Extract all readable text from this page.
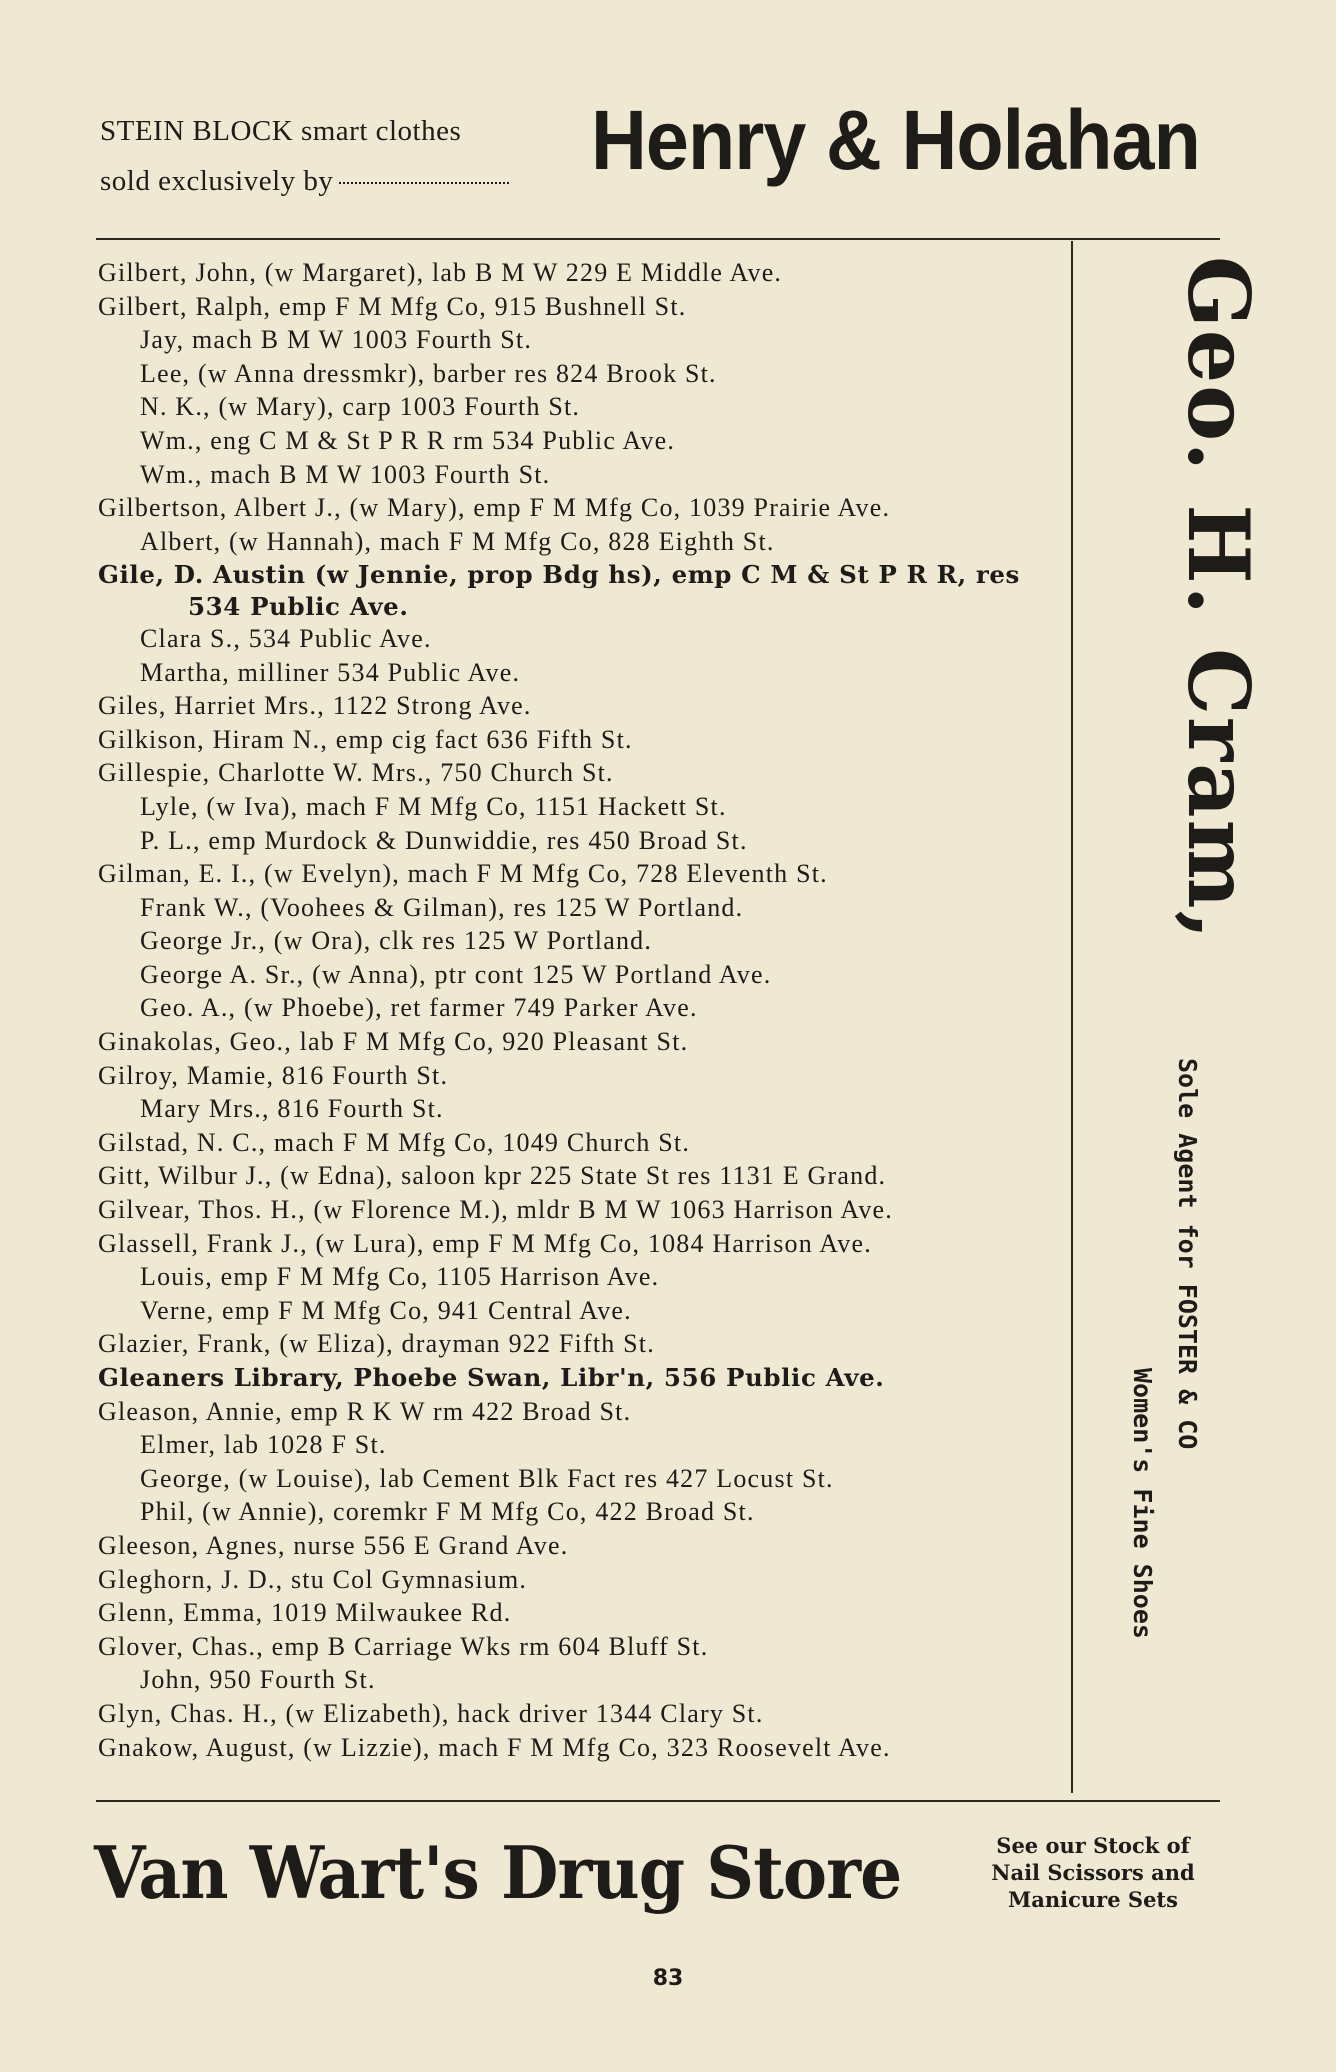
STEIN BLOCK smart clothes
sold exclusively by	Henry & Holahan
Gilbert, John, (w Margaret), lab B M W 229 E Middle Ave.
Gilbert, Ralph, emp F M Mfg Co, 915 Bushnell St.
Jay, mach B M W 1003 Fourth St.
Lee, (w Anna dressmkr), barber res 824 Brook St.
N. K., (w Mary), carp 1003 Fourth St.
Wm., eng C M & St P R R rm 534 Public Ave.
Wm., mach B M W 1003 Fourth St.
Gilbertson, Albert J., (w Mary), emp F M Mfg Co, 1039 Prairie Ave.
Albert, (w Hannah), mach F M Mfg Co, 828 Eighth St.
Gile, D. Austin (w Jennie, prop Bdg hs), emp C M & St P R R, res
534 Public Ave.
Clara S., 534 Public Ave.
Martha, milliner 534 Public Ave.
Giles, Harriet Mrs., 1122 Strong Ave.
Gilkison, Hiram N., emp cig fact 636 Fifth St.
Gillespie, Charlotte W. Mrs., 750 Church St.
Lyle, (w Iva), mach F M Mfg Co, 1151 Hackett St.
P. L., emp Murdock & Dunwiddie, res 450 Broad St.
Gilman, E. I., (w Evelyn), mach F M Mfg Co, 728 Eleventh St.
Frank W., (Voohees & Gilman), res 125 W Portland.
George Jr., (w Ora), clk res 125 W Portland.
George A. Sr., (w Anna), ptr cont 125 W Portland Ave.
Geo. A., (w Phoebe), ret farmer 749 Parker Ave.
Ginakolas, Geo., lab F M Mfg Co, 920 Pleasant St.
Gilroy, Mamie, 816 Fourth St.
Mary Mrs., 816 Fourth St.
Gilstad, N. C., mach F M Mfg Co, 1049 Church St.
Gitt, Wilbur J., (w Edna), saloon kpr 225 State St res 1131 E Grand.
Gilvear, Thos. H., (w Florence M.), mldr B M W 1063 Harrison Ave.
Glassell, Frank J., (w Lura), emp F M Mfg Co, 1084 Harrison Ave.
Louis, emp F M Mfg Co, 1105 Harrison Ave.
Verne, emp F M Mfg Co, 941 Central Ave.
Glazier, Frank, (w Eliza), drayman 922 Fifth St.
Gleaners Library, Phoebe Swan, Libr'n, 556 Public Ave.
Gleason, Annie, emp R K W rm 422 Broad St.
Elmer, lab 1028 F St.
George, (w Louise), lab Cement Blk Fact res 427 Locust St.
Phil, (w Annie), coremkr F M Mfg Co, 422 Broad St.
Gleeson, Agnes, nurse 556 E Grand Ave.
Gleghorn, J. D., stu Col Gymnasium.
Glenn, Emma, 1019 Milwaukee Rd.
Glover, Chas., emp B Carriage Wks rm 604 Bluff St.
John, 950 Fourth St.
Glyn, Chas. H., (w Elizabeth), hack driver 1344 Clary St.
Gnakow, August, (w Lizzie), mach F M Mfg Co, 323 Roosevelt Ave.
Geo. H. Cram,
Sole Agent for FOSTER & CO
Women's Fine Shoes
Van Wart's Drug Store	See our Stock of
Nail Scissors and
Manicure Sets
83
